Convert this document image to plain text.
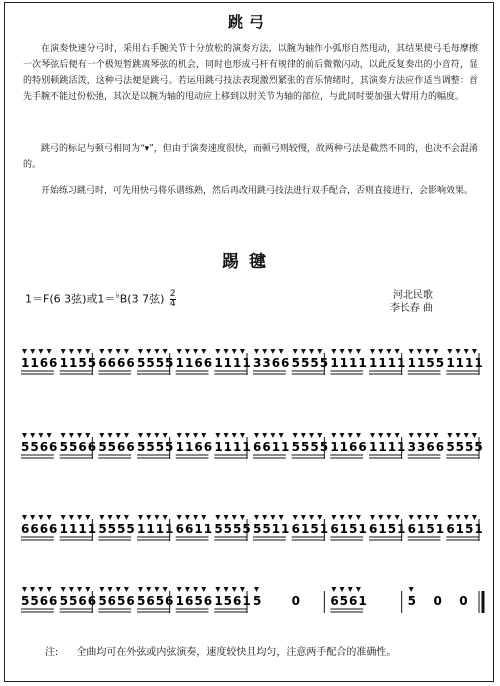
跳弓

在演奏快速分弓时，采用右手腕关节十分放松的演奏方法，以腕为轴作小弧形自然甩动，其结果使弓毛每摩擦一次琴弦后便有一个极短暂跳离琴弦的机会，同时也形成弓杆有规律的前后微微闪动，以此反复奏出的小音符，显的特别顿跳活泼，这种弓法便是跳弓。若运用跳弓技法表现激烈紧张的音乐情绪时，其演奏方法应作适当调整：首先手腕不能过份松弛，其次是以腕为轴的甩动应上移到以肘关节为轴的部位，与此同时要加强大臂用力的幅度。

跳弓的标记与顿弓相同为“▾”，但由于演奏速度很快，而顿弓则较慢，故两种弓法是截然不同的，也决不会混淆的。

开始练习跳弓时，可先用快弓将乐谱练熟，然后再改用跳弓技法进行双手配合，否则直接进行，会影响效果。

踢毽
1＝F(6 3弦)或1＝♭B(3 7弦) $\frac{2}{4}$	河北民歌
李长春 曲
1166 1155 6666 5555 1166 1111 3366 5555 1111 1111 1155 1111
5566 5566 5566 5555 1166 1111 6611 5555 1166 1111 3366 5555
6666 1111 5555 1111 6611 5555 5511 6151 6151 6151 6151 6151
5566 5566 5656 5656 1656 1561 5	0	6561	5 0 0
注: 全曲均可在外弦或内弦演奏，速度较快且均匀，注意两手配合的准确性。
